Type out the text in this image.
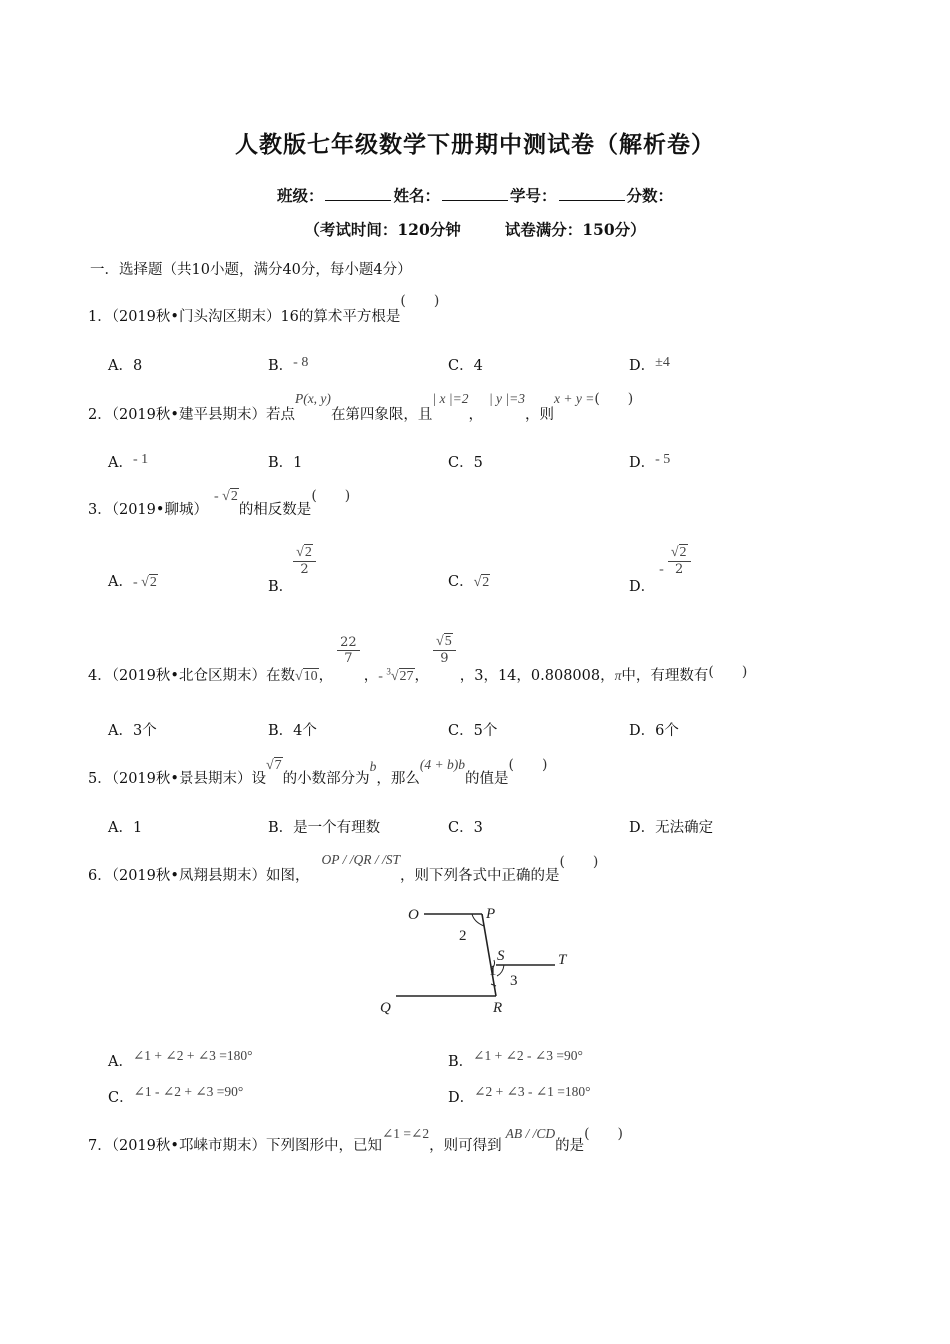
人教版七年级数学下册期中测试卷（解析卷）
班级：	姓名：	学号：	分数：
（考试时间：120分钟	试卷满分：150分）
一．选择题（共10小题，满分40分，每小题4分）
1．（2019秋•门头沟区期末）16的算术平方根是(　　)
A．8	B．- 8	C．4	D．±4
2．（2019秋•建平县期末）若点P(x, y)在第四象限，且| x |=2，| y |=3，则x + y =(　　)
A．- 1	B．1	C．5	D．- 5
3．（2019•聊城）- √2的相反数是(　　)
A．- √2	B．
$\frac{√2}{2}$
C．√2	D．- $\frac{√2}{2}$
4．（2019秋•北仓区期末）在数√10，
$\frac{22}{7}$
，- $^3$√27，
$\frac{√5}{9}$
，3，14，0.808008，π中，有理数有(　　)
A．3个	B．4个	C．5个	D．6个
5．（2019秋•景县期末）设√7的小数部分为b，那么(4 + b)b的值是(　　)
A．1	B．是一个有理数	C．3	D．无法确定
6．（2019秋•凤翔县期末）如图，OP / /QR / /ST，则下列各式中正确的是(　　)
O	P
2
S	T
1
3
Q	R
A．∠1 + ∠2 + ∠3 =180°	B．∠1 + ∠2 - ∠3 =90°
C．∠1 - ∠2 + ∠3 =90°	D．∠2 + ∠3 - ∠1 =180°
7．（2019秋•邛崃市期末）下列图形中，已知∠1 =∠2，则可得到AB / /CD的是(　　)
